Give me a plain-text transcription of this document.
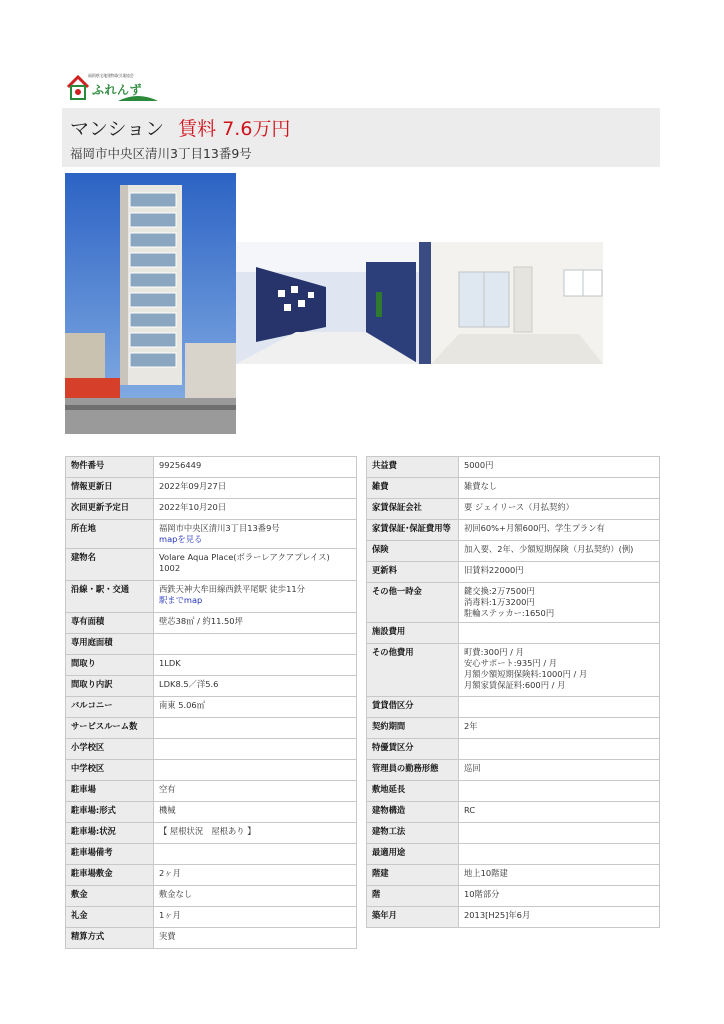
福岡県宅地建物取引業協会
ふれんず
マンション 賃料 7.6万円
福岡市中央区清川3丁目13番9号
物件番号	99256449

情報更新日	2022年09月27日

次回更新予定日	2022年10月20日

所在地	福岡市中央区清川3丁目13番9号
mapを見る

建物名	Volare Aqua Place(ボラーレアクアプレイス)
1002

沿線・駅・交通	西鉄天神大牟田線西鉄平尾駅 徒歩11分
駅までmap

専有面積	壁芯38㎡ / 約11.50坪

専用庭面積	

間取り	1LDK

間取り内訳	LDK8.5／洋5.6

バルコニー	南東 5.06㎡

サービスルーム数	

小学校区	

中学校区	

駐車場	空有

駐車場:形式	機械

駐車場:状況	【 屋根状況　屋根あり 】

駐車場備考	

駐車場敷金	2ヶ月

敷金	敷金なし

礼金	1ヶ月

精算方式	実費
共益費	5000円

雑費	雑費なし

家賃保証会社	要 ジェイリース（月払契約）

家賃保証･保証費用等	初回60%+月額600円、学生プラン有

保険	加入要、2年、少額短期保険（月払契約）(例)

更新料	旧賃料22000円

その他一時金	鍵交換:2万7500円
消毒料:1万3200円
駐輪ステッカー:1650円

施設費用	

その他費用	町費:300円 / 月
安心サポート:935円 / 月
月額少額短期保険料:1000円 / 月
月額家賃保証料:600円 / 月

賃貸借区分	

契約期間	2年

特優賃区分	

管理員の勤務形態	巡回

敷地延長	

建物構造	RC

建物工法	

最適用途	

階建	地上10階建

階	10階部分

築年月	2013[H25]年6月
